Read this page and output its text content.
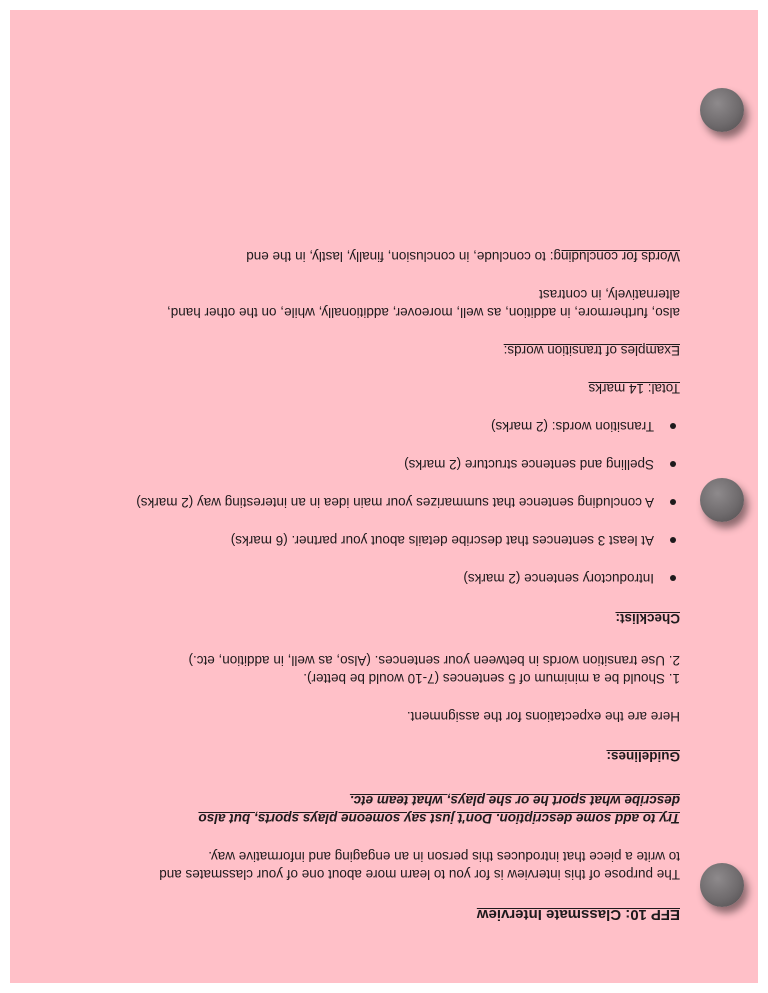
EFP 10: Classmate Interview
The purpose of this interview is for you to learn more about one of your classmates and
to write a piece that introduces this person in an engaging and informative way.
Try to add some description. Don't just say someone plays sports, but also
describe what sport he or she plays, what team etc.
Guidelines:
Here are the expectations for the assignment.
1. Should be a minimum of 5 sentences (7-10 would be better).
2. Use transition words in between your sentences. (Also, as well, in addition, etc.)
Checklist:
Introductory sentence (2 marks)
At least 3 sentences that describe details about your partner. (6 marks)
A concluding sentence that summarizes your main idea in an interesting way (2 marks)
Spelling and sentence structure (2 marks)
Transition words: (2 marks)
Total: 14 marks
Examples of transition words:
also, furthermore, in addition, as well, moreover, additionally, while, on the other hand,
alternatively, in contrast
Words for concluding: to conclude, in conclusion, finally, lastly, in the end
